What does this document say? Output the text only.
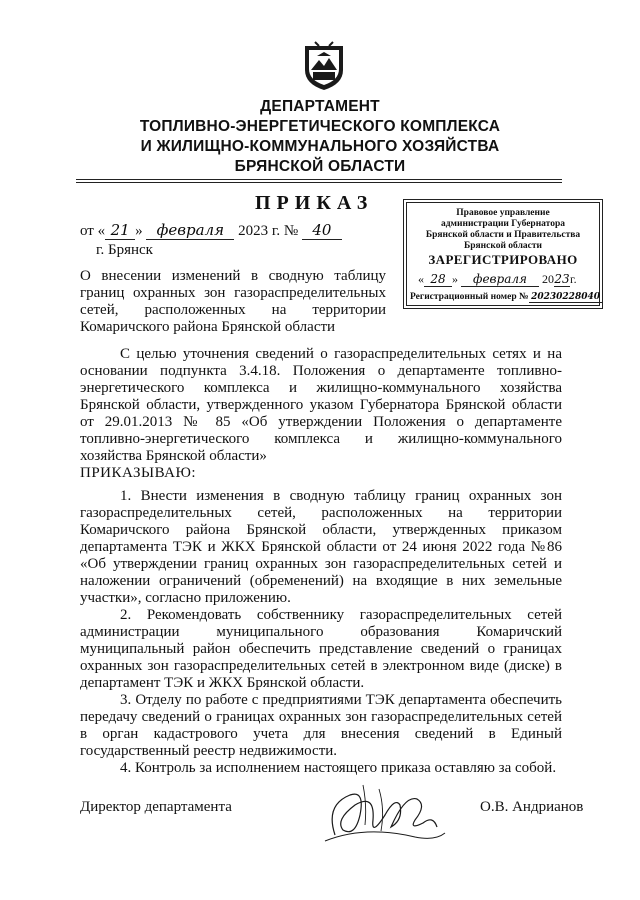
ДЕПАРТАМЕНТ
ТОПЛИВНО-ЭНЕРГЕТИЧЕСКОГО КОМПЛЕКСА
И ЖИЛИЩНО-КОММУНАЛЬНОГО ХОЗЯЙСТВА
БРЯНСКОЙ ОБЛАСТИ
ПРИКАЗ
от « 21 » февраля 2023 г. № 40
г. Брянск
Правовое управление
администрации Губернатора
Брянской области и Правительства
Брянской области
ЗАРЕГИСТРИРОВАНО
« 28 » февраля 2023г.
Регистрационный номер № 20230228040
О внесении изменений в сводную таблицу
границ охранных зон газораспределительных
сетей, расположенных на территории
Комаричского района Брянской области
С целью уточнения сведений о газораспределительных сетях и на основании подпункта 3.4.18. Положения о департаменте топливно-энергетического комплекса и жилищно-коммунального хозяйства Брянской области, утвержденного указом Губернатора Брянской области от 29.01.2013 № 85 «Об утверждении Положения о департаменте топливно-энергетического комплекса и жилищно-коммунального хозяйства Брянской области»
ПРИКАЗЫВАЮ:

1. Внести изменения в сводную таблицу границ охранных зон газораспределительных сетей, расположенных на территории Комаричского района Брянской области, утвержденных приказом департамента ТЭК и ЖКХ Брянской области от 24 июня 2022 года №86 «Об утверждении границ охранных зон газораспределительных сетей и наложении ограничений (обременений) на входящие в них земельные участки», согласно приложению.

2. Рекомендовать собственнику газораспределительных сетей администрации муниципального образования Комаричский муниципальный район обеспечить представление сведений о границах охранных зон газораспределительных сетей в электронном виде (диске) в департамент ТЭК и ЖКХ Брянской области.

3. Отделу по работе с предприятиями ТЭК департамента обеспечить передачу сведений о границах охранных зон газораспределительных сетей в орган кадастрового учета для внесения сведений в Единый государственный реестр недвижимости.

4. Контроль за исполнением настоящего приказа оставляю за собой.

Директор департамента	О.В. Андрианов
